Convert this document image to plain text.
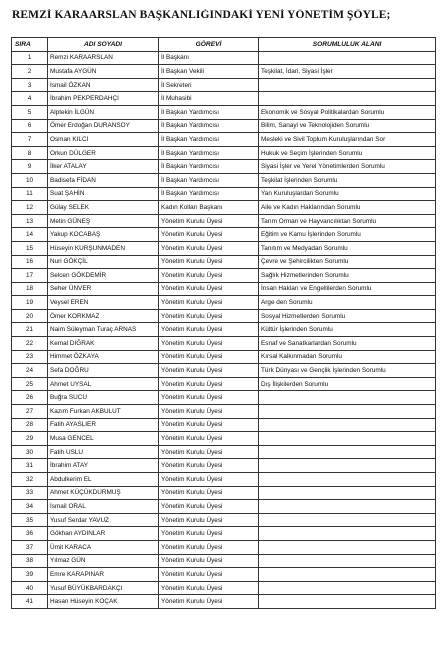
REMZİ KARAARSLAN BAŞKANLIĞINDAKİ YENİ YÖNETİM ŞÖYLE;
SIRA	ADI SOYADI	GÖREVİ	SORUMLULUK ALANI
1	Remzi KARAARSLAN	İl Başkanı	
2	Mustafa AYGÜN	İl Başkan Vekili	Teşkilat, İdari, Siyasi İşler
3	İsmail ÖZKAN	İl Sekreteri	
4	İbrahim PEKPERDAHÇI	İl Muhasibi	
5	Alptekin İLGÜN	İl Başkan Yardımcısı	Ekonomik ve Sosyal Politikalardan Sorumlu
6	Ömer Erdoğan DURANSOY	İl Başkan Yardımcısı	Bilim, Sanayi ve Teknolojiden Sorumlu
7	Osman KILCI	İl Başkan Yardımcısı	Mesleki ve Sivil Toplum Kuruluşlarından Sor
8	Orkun DÜLGER	İl Başkan Yardımcısı	Hukuk ve Seçim İşlerinden Sorumlu
9	İlker ATALAY	İl Başkan Yardımcısı	Siyasi İşler ve Yerel Yönetimlerden Sorumlu
10	Badisefa FİDAN	İl Başkan Yardımcısı	Teşkilat İşlerinden Sorumlu
11	Suat ŞAHİN	İl Başkan Yardımcısı	Yan Kuruluşlardan Sorumlu
12	Gülay SELEK	Kadın Kolları Başkanı	Aile ve Kadın Haklarından Sorumlu
13	Metin GÜNEŞ	Yönetim Kurulu Üyesi	Tarım Orman ve Hayvancılıktan Sorumlu
14	Yakup KOCABAŞ	Yönetim Kurulu Üyesi	Eğitim ve Kamu İşlerinden Sorumlu
15	Hüseyin KURŞUNMADEN	Yönetim Kurulu Üyesi	Tanıtım ve Medyadan Sorumlu
16	Nuri GÖKÇİL	Yönetim Kurulu Üyesi	Çevre ve Şehircilikten Sorumlu
17	Selcen GÖKDEMİR	Yönetim Kurulu Üyesi	Sağlık Hizmetlerinden Sorumlu
18	Seher ÜNVER	Yönetim Kurulu Üyesi	İnsan Hakları ve Engellilerden Sorumlu
19	Veysel EREN	Yönetim Kurulu Üyesi	Arge den Sorumlu
20	Ömer KORKMAZ	Yönetim Kurulu Üyesi	Sosyal Hizmetlerden Sorumlu
21	Naim Süleyman Turaç ARNAS	Yönetim Kurulu Üyesi	Kültür İşlerinden Sorumlu
22	Kemal DIĞRAK	Yönetim Kurulu Üyesi	Esnaf ve Sanatkarlardan Sorumlu
23	Himmet ÖZKAYA	Yönetim Kurulu Üyesi	Kırsal Kalkınmadan Sorumlu
24	Sefa DOĞRU	Yönetim Kurulu Üyesi	Türk Dünyası ve Gençlik İşlerinden Sorumlu
25	Ahmet UYSAL	Yönetim Kurulu Üyesi	Dış İlişkilerden Sorumlu
26	Buğra SUCU	Yönetim Kurulu Üyesi	
27	Kazım Furkan AKBULUT	Yönetim Kurulu Üyesi	
28	Fatih AYASLIER	Yönetim Kurulu Üyesi	
29	Musa GENCEL	Yönetim Kurulu Üyesi	
30	Fatih USLU	Yönetim Kurulu Üyesi	
31	İbrahim ATAY	Yönetim Kurulu Üyesi	
32	Abdulkerim EL	Yönetim Kurulu Üyesi	
33	Ahmet KÜÇÜKDURMUŞ	Yönetim Kurulu Üyesi	
34	İsmail ORAL	Yönetim Kurulu Üyesi	
35	Yusuf Serdar YAVUZ	Yönetim Kurulu Üyesi	
36	Gökhan AYDINLAR	Yönetim Kurulu Üyesi	
37	Ümit KARACA	Yönetim Kurulu Üyesi	
38	Yılmaz GÜN	Yönetim Kurulu Üyesi	
39	Emre KARAPINAR	Yönetim Kurulu Üyesi	
40	Yusuf BÜYÜKBARDAKÇI	Yönetim Kurulu Üyesi	
41	Hasan Hüseyin KOÇAK	Yönetim Kurulu Üyesi	
